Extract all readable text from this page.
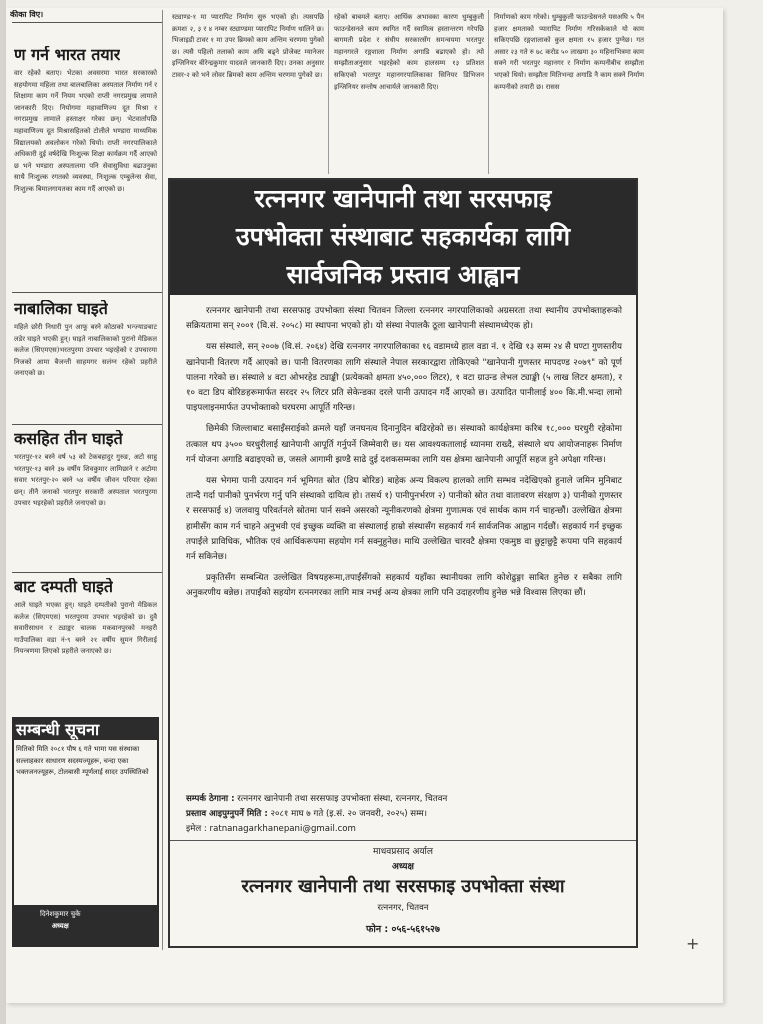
कीका विए।
ण गर्न भारत तयार

वार रहेको बताए। भेटका अवसरमा भारत सरकारको सहयोगमा महिला तथा बालबालिका अस्पताल निर्माण गर्न र शिक्षामा काम गर्ने नियम भएको राप्ती नगरप्रमुख लामाले जानकारी दिए। नियोगमा महावाणिज्य दूत मिश्रा र नगरप्रमुख लामाले हस्ताक्षर गरेका छन्। भेटवार्तापछि महावाणिज्य दूत मिश्रासहितको टोलीले भण्डारा माध्यमिक विद्यालयको अवलोकन गरेको थियो। राप्ती नगरपालिकाले अधिकारी दुई वर्षदेखि निःशुल्क शिक्षा कार्यक्रम गर्दै आएको छ भने भण्डारा अस्पतालमा पनि सेवासुविधा बढाउनुका साथै निःशुल्क रगतको व्यवस्था, निःशुल्क एम्बुलेन्स सेवा, निःशुल्क बिमालगायतका काम गर्दै आएको छ।

नाबालिका घाइते

महिले छोरी निधारी पुन आफू बस्ने कोठाको भन्ज्याङबाट लडेर घाइते भएकी हुन्। घाइते नाबालिकाको पुरानो मेडिकल कलेज (सिएमएस)भरतपुरमा उपचार भइरहेको र उपचारमा निजको आमा बैजन्ती साहमगर सलंग्न रहेको प्रहरीले जनाएको छ।

कसहित तीन घाइते

भरतपुर-१२ बस्ने वर्ष ५३ को टेकबहादुर गुरुङ, अटो साहु भरतपुर-१३ बस्ने ३७ वर्षीय शिवकुमार लामिछाने र अटोमा सवार भरतपुर-२० बस्ने ५४ वर्षीय जीवन परियार रहेका छन्। तीनै जनाको भरतपुर सरकारी अस्पताल भरतपुरमा उपचार भइरहेको प्रहरीले जनाएको छ।

बाट दम्पती घाइते

आले घाइते भएका हुन्। घाइते दम्पतीको पुरानो मेडिकल कलेज (सिएमएस) भरतपुरमा उपचार भइरहेको छ। दुवै सवारीसाधन र ट्याङ्कर चालक मकवानपुरको मनहरी गाउँपालिका वडा नं-९ बस्ने २१ वर्षीय सुमन गिरीलाई नियन्त्रणमा लिएको प्रहरीले जनाएको छ।

सम्बन्धी सूचना
मितिको मिति २०८१ पौष ६ गते भामा यस संस्थाका सल्लाहकार साधारण सदस्यज्यूहरू, चन्दा एका भक्तजनज्यूहरू, टोलबासी म्पूर्णलाई सादर उपस्थितिको
दिनेशकुमार चुके
अध्यक्ष
स्ट्याण्ड-१ मा प्यारापिट निर्माण सुरु भएको हो। त्यसपछि क्रमशः २, ३ र ४ नम्बर स्ट्याण्डमा प्यारापिट निर्माण थालिने छ। भिजाइडी टावर १ मा उपर ब्रिमको काम अन्तिम चरणमा पुगेको छ। त्यसै पहिलो तलाको काम अघि बढ्ने प्रोजेक्ट म्यानेजर इन्जिनियर बीरेन्द्रकुमार यादवले जानकारी दिए। उनका अनुसार टावर-२ को भने लोवर ब्रिमको काम अन्तिम चरणमा पुगेको छ।
रहेको बाबमले बताए। आर्थिक अभावका कारण धुम्बुकुली फाउन्डेसनले काम स्थगित गर्दै स्वामित्व हस्तान्तरण गरेपछि बागमती प्रदेश र संघीय सरकारसँग समन्वयमा भरतपुर महानगरले रङ्गशाला निर्माण अगाडि बढाएको हो। त्यो सम्झौताअनुसार भइरहेको काम हालसम्म १३ प्रतिशत सकिएको भरतपुर महानगरपालिकाका सिनियर डिभिजन इन्जिनियर सन्तोष आचार्यले जानकारी दिए।
निर्माणको काम गरेको। धुम्बुकुली फाउन्डेसनले यसअघि ५ पैन हजार क्षमताको प्यारापिट निर्माण गरिसकेकाले यो काम सकिएपछि रङ्गशालाको कुल क्षमता १५ हजार पुग्नेछ। गत असार २३ गते रु ७८ करोड ५० लाखमा ३० महिनाभित्रमा काम सक्ने गरी भरतपुर महानगर र निर्माण कम्पनीबीच सम्झौता भएको थियो। सम्झौता मितिभन्दा अगाडि नै काम सक्ने निर्माण कम्पनीको तयारी छ। रासस
रत्ननगर खानेपानी तथा सरसफाइ
उपभोक्ता संस्थाबाट सहकार्यका लागि
सार्वजनिक प्रस्ताव आह्वान

रत्ननगर खानेपानी तथा सरसफाइ उपभोक्ता संस्था चितवन जिल्ला रत्ननगर नगरपालिकाको अग्रसरता तथा स्थानीय उपभोक्ताहरूको सक्रियतामा सन् २००१ (वि.सं. २०५८) मा स्थापना भएको हो। यो संस्था नेपालकै ठूला खानेपानी संस्थामध्येएक हो।

यस संस्थाले, सन् २००७ (वि.सं. २०६४) देखि रत्ननगर नगरपालिकाका १६ वडामध्ये हाल वडा नं. १ देखि १३ सम्म २४ सै घण्टा गुणस्तरीय खानेपानी वितरण गर्दै आएको छ। पानी वितरणका लागि संस्थाले नेपाल सरकारद्वारा तोकिएको "खानेपानी गुणस्तर मापदण्ड २०७९" को पूर्ण पालना गरेको छ। संस्थाले ४ वटा ओभरहेड ट्याङ्की (प्रत्येकको क्षमता ४५०,००० लिटर), १ वटा ग्राउन्ड लेभल ट्याङ्की (५ लाख लिटर क्षमता), र १० वटा डिप बोरिङहरूमार्फत सरदर २५ लिटर प्रति सेकेन्डका दरले पानी उत्पादन गर्दै आएको छ। उत्पादित पानीलाई ४०० कि.मी.भन्दा लामो पाइपलाइनमार्फत उपभोक्ताको घरघरमा आपूर्ति गरिन्छ।

छिमेकी जिल्लाबाट बसाइँसराईको क्रमले यहाँ जनघनत्व दिनानुदिन बढिरहेको छ। संस्थाको कार्यक्षेत्रमा करिब १८,००० घरधुरी रहेकोमा तत्काल थप ३५०० घरधुरीलाई खानेपानी आपूर्ति गर्नुपर्ने जिम्मेवारी छ। यस आवश्यकतालाई ध्यानमा राख्दै, संस्थाले थप आयोजनाहरू निर्माण गर्न योजना अगाडि बढाइएको छ, जसले आगामी झण्डै साढे दुई दशकसम्मका लागि यस क्षेत्रमा खानेपानी आपूर्ति सहज हुने अपेक्षा गरिन्छ।

यस भेगमा पानी उत्पादन गर्न भूमिगत स्रोत (डिप बोरिङ) बाहेक अन्य विकल्प हालको लागि सम्भव नदेखिएको हुनाले जमिन मुनिबाट तान्दै गर्दा पानीको पुनर्भरण गर्नु पनि संस्थाको दायित्व हो। तसर्थ १) पानीपुनर्भरण २) पानीको स्रोत तथा वातावरण संरक्षण ३) पानीको गुणस्तर र सरसफाई ४) जलवायु परिवर्तनले स्रोतमा पार्न सक्ने असरको न्यूनीकरणको क्षेत्रमा गुणात्मक एवं सार्थक काम गर्न चाहन्छौं। उल्लेखित क्षेत्रमा हामीसँग काम गर्न चाहने अनुभवी एवं इच्छुक व्यक्ति वा संस्थालाई हाम्रो संस्थासँग सहकार्य गर्न सार्वजनिक आह्वान गर्दछौं। सहकार्य गर्न इच्छुक तपाईंले प्राविधिक, भौतिक एवं आर्थिकरूपमा सहयोग गर्न सक्नुहुनेछ। माथि उल्लेखित चारवटै क्षेत्रमा एकमुष्ठ वा छुट्टाछुट्टै रूपमा पनि सहकार्य गर्न सकिनेछ।

प्रकृतिसँग सम्बन्धित उल्लेखित विषयहरूमा,तपाईंसँगको सहकार्य यहाँका स्थानीयका लागि कोशेढुङ्गा साबित हुनेछ र सबैका लागि अनुकरणीय बन्नेछ। तपाईंको सहयोग रत्ननगरका लागि मात्र नभई अन्य क्षेत्रका लागि पनि उदाहरणीय हुनेछ भन्ने विश्वास लिएका छौं।

सम्पर्क ठेगाना : रत्ननगर खानेपानी तथा सरसफाइ उपभोक्ता संस्था, रत्ननगर, चितवन
प्रस्ताव आइपुग्नुपर्ने मिति : २०८१ माघ ७ गते (इ.सं. २० जनवरी, २०२५) सम्म।
इमेल : ratnanagarkhanepani@gmail.com
माधवप्रसाद अर्याल
अध्यक्ष
रत्ननगर खानेपानी तथा सरसफाइ उपभोक्ता संस्था
रत्ननगर, चितवन
फोन : ०५६-५६१५२७
+
